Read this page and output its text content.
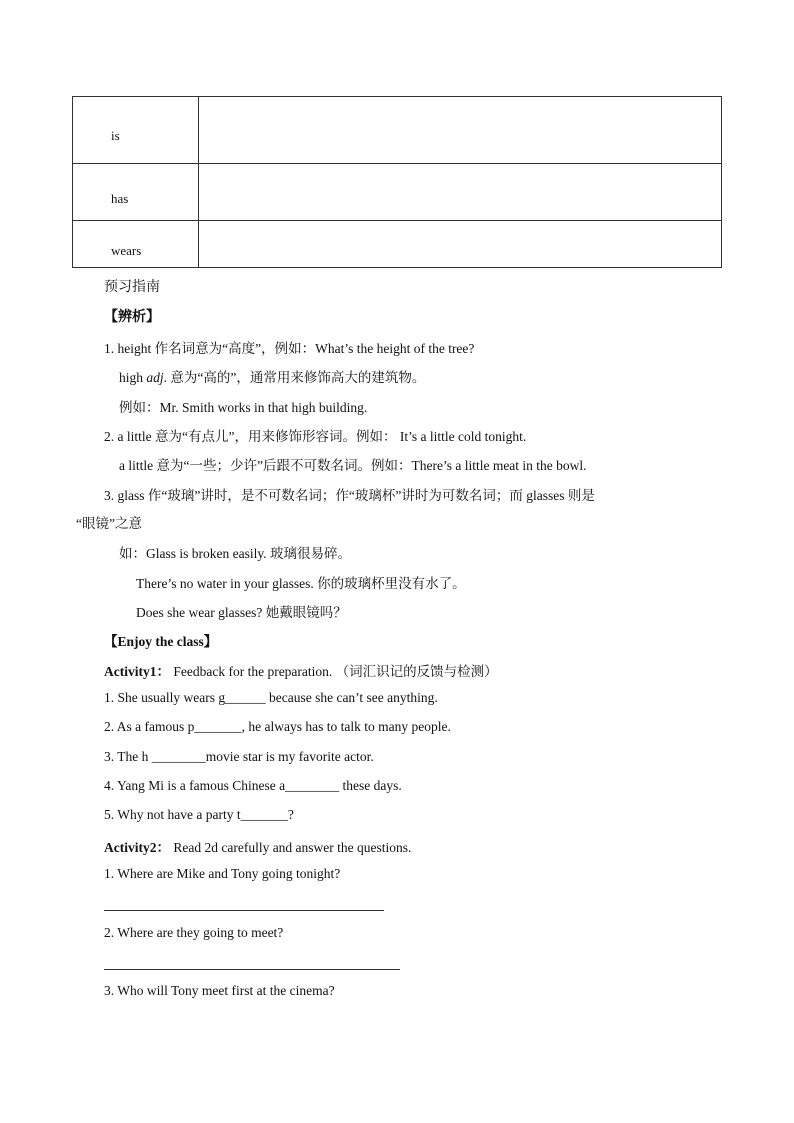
is	

has	

wears	

预习指南
【辨析】
1. height 作名词意为“高度”，例如：What’s the height of the tree?
high adj. 意为“高的”，通常用来修饰高大的建筑物。
例如：Mr. Smith works in that high building.
2. a little 意为“有点儿”，用来修饰形容词。例如： It’s a little cold tonight.
a little 意为“一些；少许”后跟不可数名词。例如：There’s a little meat in the bowl.
3. glass 作“玻璃”讲时，是不可数名词；作“玻璃杯”讲时为可数名词；而 glasses 则是
“眼镜”之意
如：Glass is broken easily. 玻璃很易碎。
There’s no water in your glasses. 你的玻璃杯里没有水了。
Does she wear glasses? 她戴眼镜吗？
【Enjoy the class】
Activity1： Feedback for the preparation. （词汇识记的反馈与检测）
1. She usually wears g______ because she can’t see anything.
2. As a famous p_______, he always has to talk to many people.
3. The h ________movie star is my favorite actor.
4. Yang Mi is a famous Chinese a________ these days.
5. Why not have a party t_______?
Activity2： Read 2d carefully and answer the questions.
1. Where are Mike and Tony going tonight?
2. Where are they going to meet?
3. Who will Tony meet first at the cinema?
